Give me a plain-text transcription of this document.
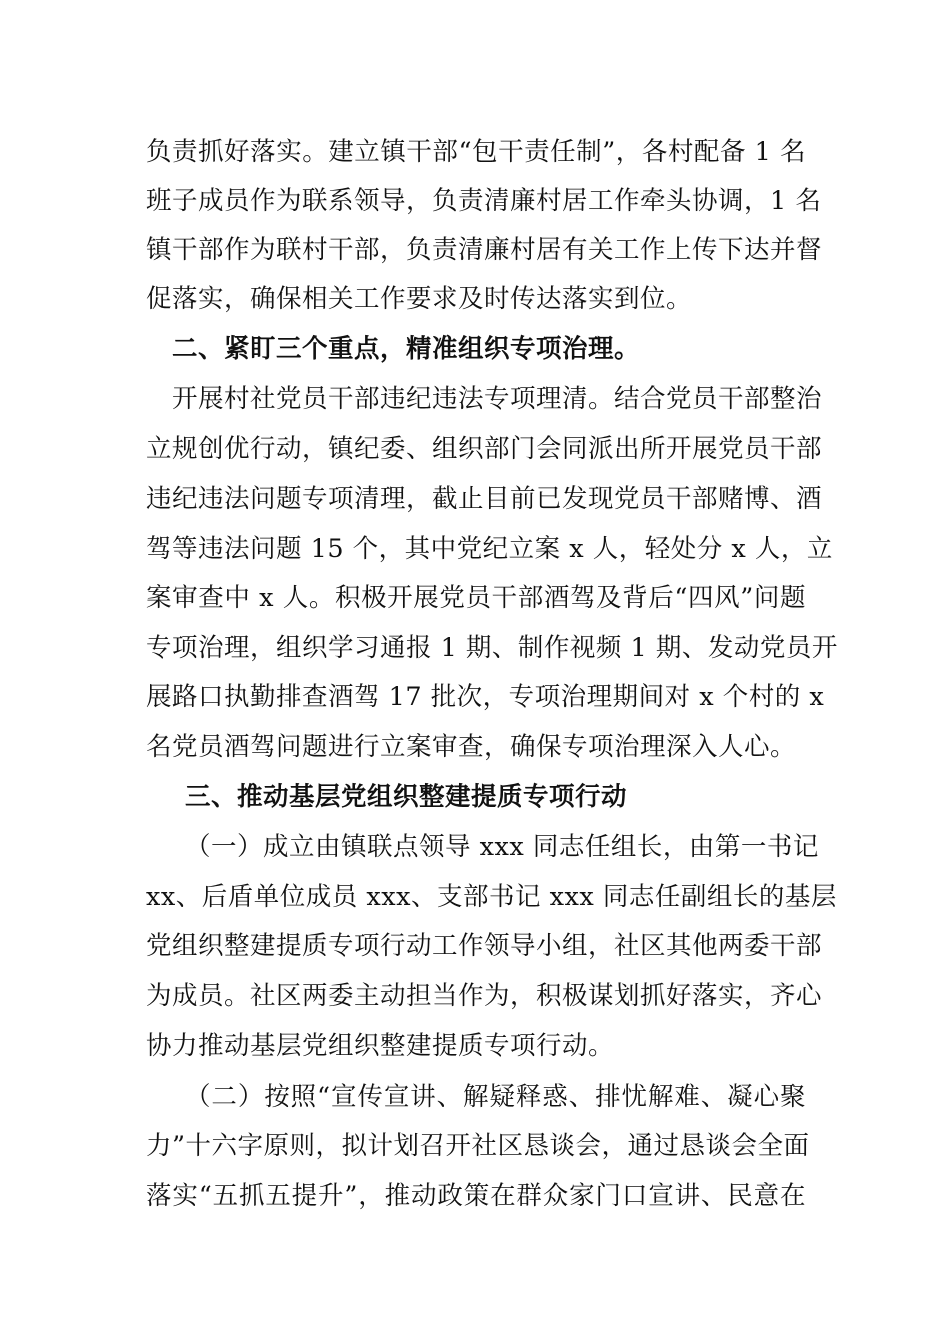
负责抓好落实。建立镇干部“包干责任制”，各村配备 1 名
班子成员作为联系领导，负责清廉村居工作牵头协调，1 名
镇干部作为联村干部，负责清廉村居有关工作上传下达并督
促落实，确保相关工作要求及时传达落实到位。
二、紧盯三个重点，精准组织专项治理。
开展村社党员干部违纪违法专项理清。结合党员干部整治
立规创优行动，镇纪委、组织部门会同派出所开展党员干部
违纪违法问题专项清理，截止目前已发现党员干部赌博、酒
驾等违法问题 15 个，其中党纪立案 x 人，轻处分 x 人，立
案审查中 x 人。积极开展党员干部酒驾及背后“四风”问题
专项治理，组织学习通报 1 期、制作视频 1 期、发动党员开
展路口执勤排查酒驾 17 批次，专项治理期间对 x 个村的 x
名党员酒驾问题进行立案审查，确保专项治理深入人心。
三、推动基层党组织整建提质专项行动
（一）成立由镇联点领导 xxx 同志任组长，由第一书记
xx、后盾单位成员 xxx、支部书记 xxx 同志任副组长的基层
党组织整建提质专项行动工作领导小组，社区其他两委干部
为成员。社区两委主动担当作为，积极谋划抓好落实，齐心
协力推动基层党组织整建提质专项行动。
（二）按照“宣传宣讲、解疑释惑、排忧解难、凝心聚
力”十六字原则，拟计划召开社区恳谈会，通过恳谈会全面
落实“五抓五提升”，推动政策在群众家门口宣讲、民意在
